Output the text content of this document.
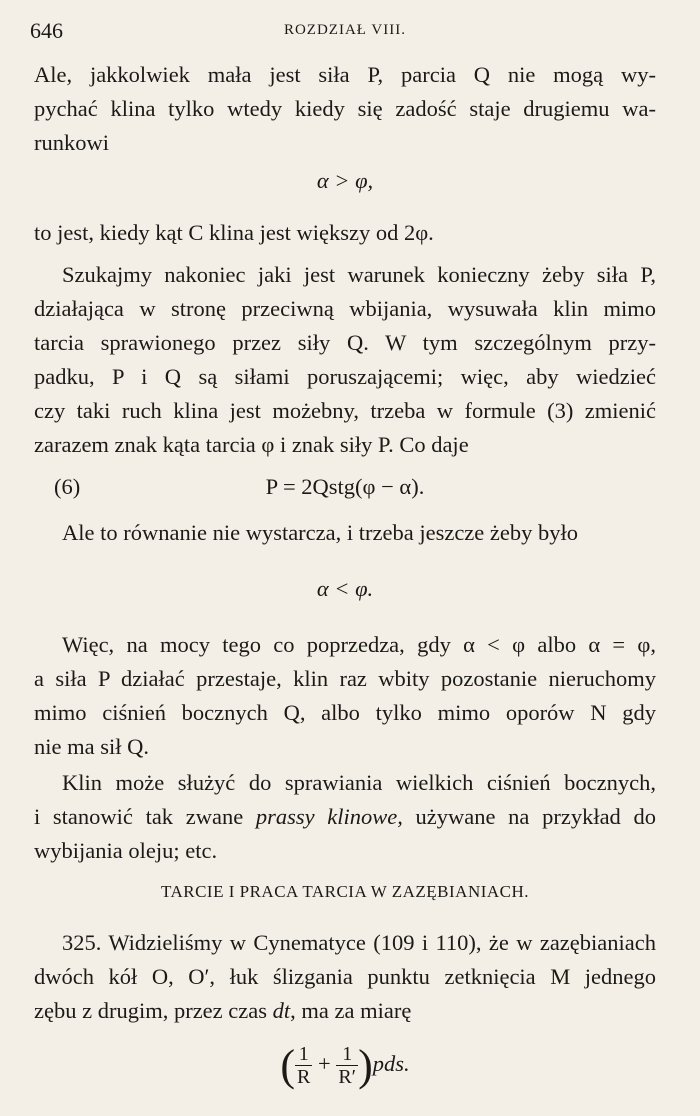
646	ROZDZIAŁ VIII.
Ale, jakkolwiek mała jest siła P, parcia Q nie mogą wy-
pychać klina tylko wtedy kiedy się zadość staje drugiemu wa-
runkowi
α > φ,
to jest, kiedy kąt C klina jest większy od 2φ.
Szukajmy nakoniec jaki jest warunek konieczny żeby siła P,
działająca w stronę przeciwną wbijania, wysuwała klin mimo
tarcia sprawionego przez siły Q. W tym szczególnym przy-
padku, P i Q są siłami poruszającemi; więc, aby wiedzieć
czy taki ruch klina jest możebny, trzeba w formule (3) zmienić
zarazem znak kąta tarcia φ i znak siły P. Co daje
(6)	P = 2Qstg(φ − α).
Ale to równanie nie wystarcza, i trzeba jeszcze żeby było
α < φ.
Więc, na mocy tego co poprzedza, gdy α < φ albo α = φ,
a siła P działać przestaje, klin raz wbity pozostanie nieruchomy
mimo ciśnień bocznych Q, albo tylko mimo oporów N gdy
nie ma sił Q.
Klin może służyć do sprawiania wielkich ciśnień bocznych,
i stanowić tak zwane prassy klinowe, używane na przykład do
wybijania oleju; etc.
TARCIE I PRACA TARCIA W ZAZĘBIANIACH.
325. Widzieliśmy w Cynematyce (109 i 110), że w zazębianiach
dwóch kół O, O′, łuk ślizgania punktu zetknięcia M jednego
zębu z drugim, przez czas dt, ma za miarę
( $\frac{1}{R} + \frac{1}{R'} )pds$.
